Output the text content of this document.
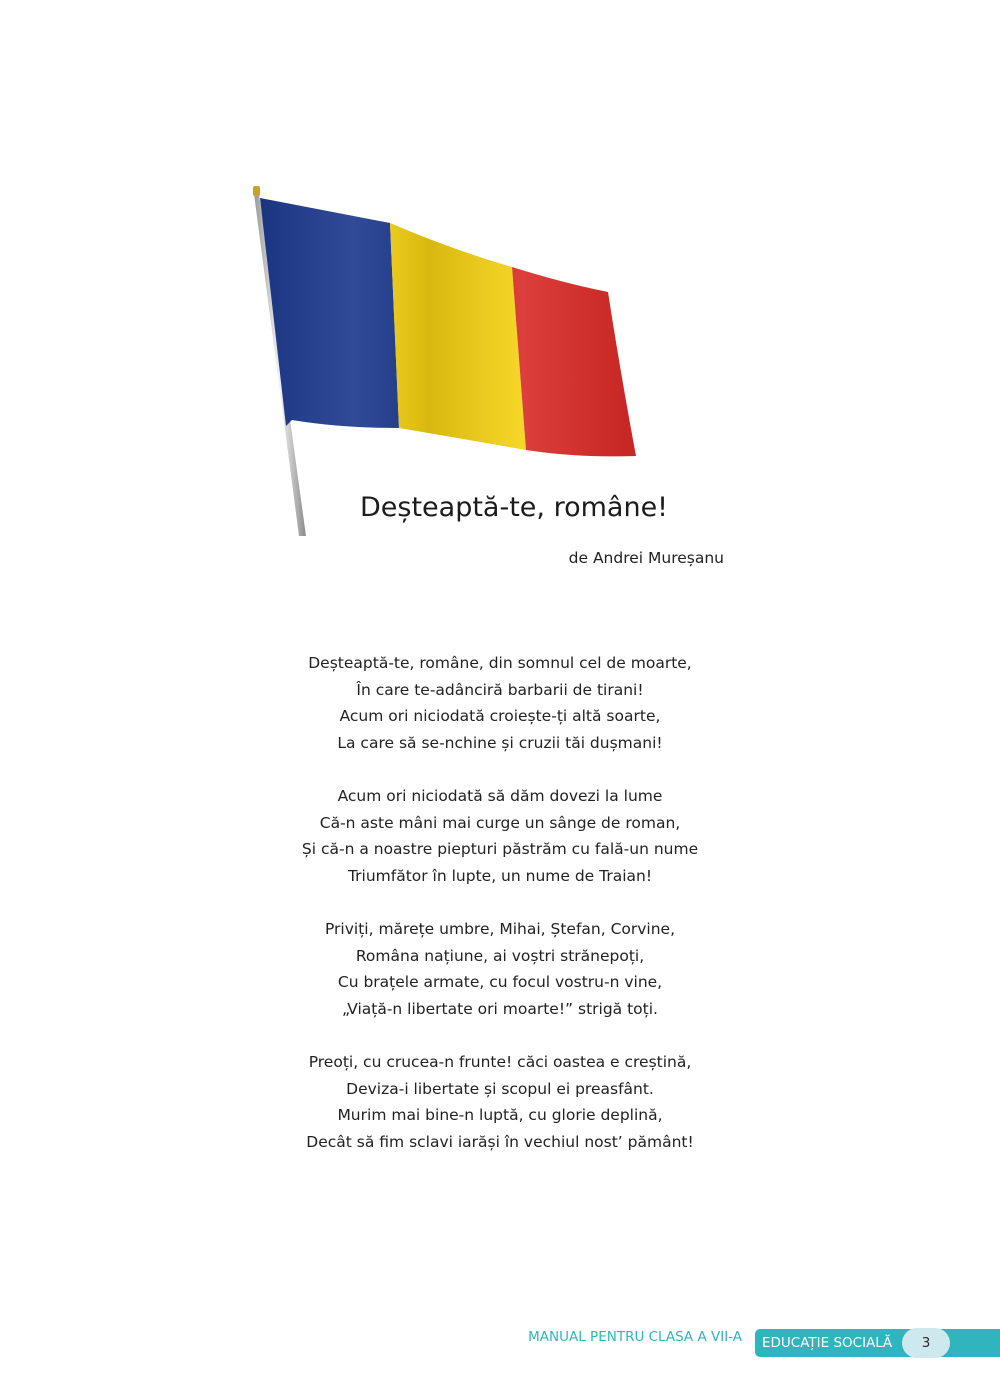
Deșteaptă-te, române!
de Andrei Mureșanu
Deșteaptă-te, române, din somnul cel de moarte,
În care te-adânciră barbarii de tirani!
Acum ori niciodată croiește-ți altă soarte,
La care să se-nchine și cruzii tăi dușmani!
Acum ori niciodată să dăm dovezi la lume
Că-n aste mâni mai curge un sânge de roman,
Și că-n a noastre piepturi păstrăm cu fală-un nume
Triumfător în lupte, un nume de Traian!
Priviți, mărețe umbre, Mihai, Ștefan, Corvine,
Româna națiune, ai voștri strănepoți,
Cu brațele armate, cu focul vostru-n vine,
„Viață-n libertate ori moarte!” strigă toți.
Preoți, cu crucea-n frunte! căci oastea e creștină,
Deviza-i libertate și scopul ei preasfânt.
Murim mai bine-n luptă, cu glorie deplină,
Decât să fim sclavi iarăși în vechiul nost’ pământ!
MANUAL PENTRU CLASA A VII-A EDUCAȚIE SOCIALĂ	3
